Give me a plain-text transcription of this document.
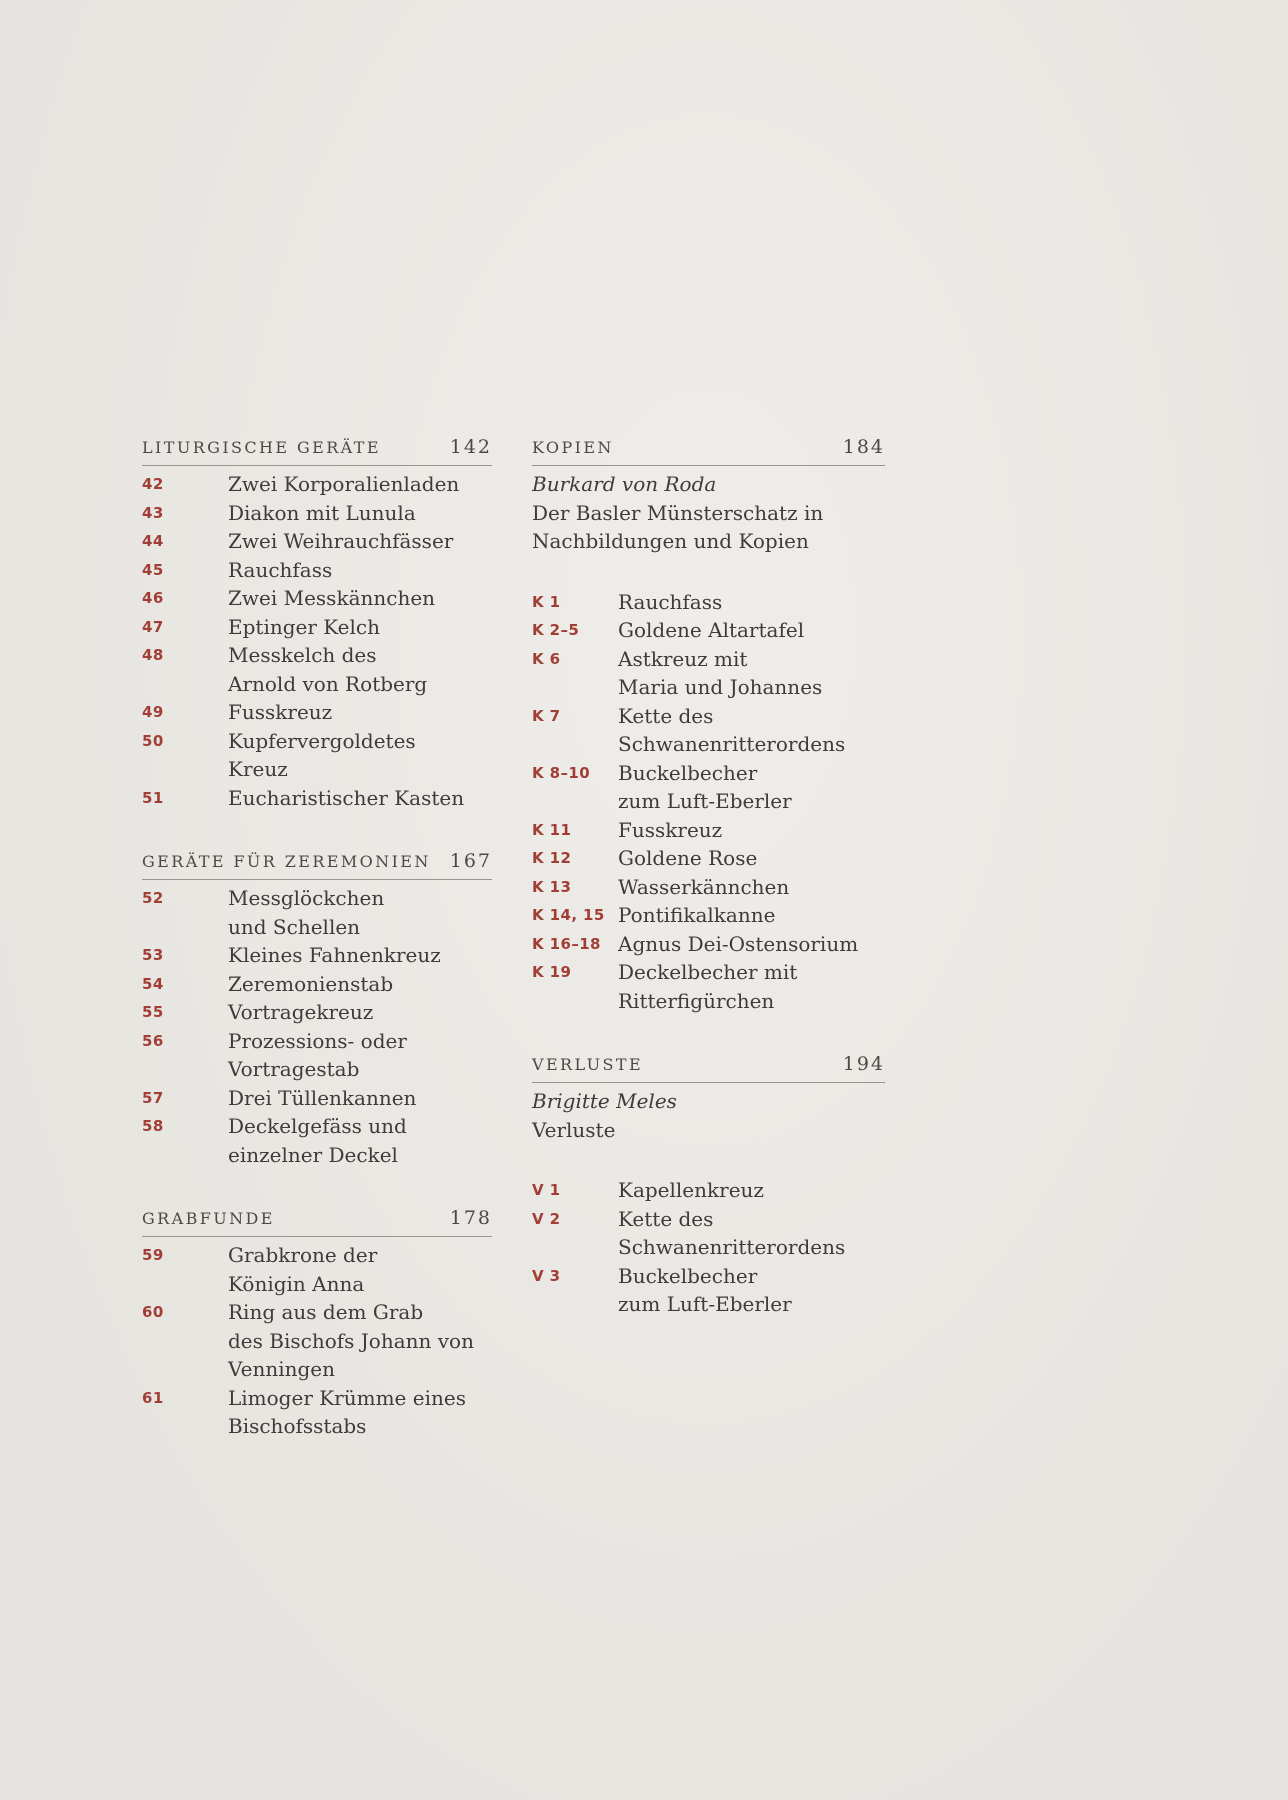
LITURGISCHE GERÄTE	142
42	Zwei Korporalienladen
43	Diakon mit Lunula
44	Zwei Weihrauchfässer
45	Rauchfass
46	Zwei Messkännchen
47	Eptinger Kelch
48	Messkelch des
Arnold von Rotberg
49	Fusskreuz
50	Kupfervergoldetes
Kreuz
51	Eucharistischer Kasten
GERÄTE FÜR ZEREMONIEN 167
52	Messglöckchen
und Schellen
53	Kleines Fahnenkreuz
54	Zeremonienstab
55	Vortragekreuz
56	Prozessions- oder
Vortragestab
57	Drei Tüllenkannen
58	Deckelgefäss und
einzelner Deckel
GRABFUNDE	178
59	Grabkrone der
Königin Anna
60	Ring aus dem Grab
des Bischofs Johann von
Venningen
61	Limoger Krümme eines
Bischofsstabs
KOPIEN	184
Burkard von Roda
Der Basler Münsterschatz in
Nachbildungen und Kopien
K 1	Rauchfass
K 2–5	Goldene Altartafel
K 6	Astkreuz mit
Maria und Johannes
K 7	Kette des
Schwanenritterordens
K 8–10	Buckelbecher
zum Luft-Eberler
K 11	Fusskreuz
K 12	Goldene Rose
K 13	Wasserkännchen
K 14, 15 Pontifikalkanne
K 16–18 Agnus Dei-Ostensorium
K 19	Deckelbecher mit
Ritterfigürchen
VERLUSTE	194
Brigitte Meles
Verluste
V 1	Kapellenkreuz
V 2	Kette des
Schwanenritterordens
V 3	Buckelbecher
zum Luft-Eberler
